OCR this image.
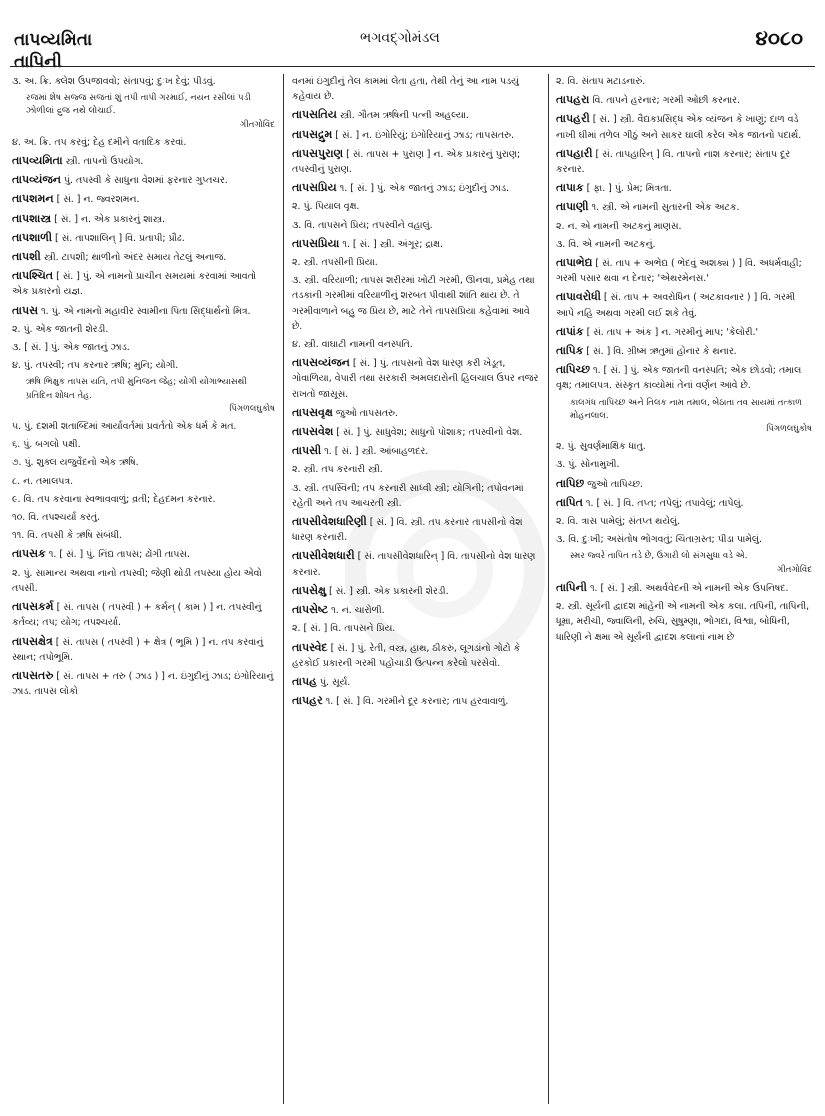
તાપવ્યમિતા
તાપિની
ભગવદ્ગોમંડલ	૪૦૮૦
૩. અ. ક્રિ. ક્લેશ ઉપજાવવો; સંતાપવું; દુઃખ દેવું; પીડવું.
રજમાં શેષ સજ્જ સજતાં શું તપી તાપી ગરમાઈ, નયન રસીલાં પડી ઝોળીલાં દ્રુજ નથે લોચાઈ.
ગીતગોવિંદ
૪. અ. ક્રિ. તપ કરવું; દેહ દમીને વતાદિક કરવાં.
તાપવ્યમિતા સ્ત્રી. તાપનો ઉપયોગ.
તાપવ્યંજન પું. તપસ્વી કે સાધુના વેશમાં ફરનાર ગુપ્તચર.
તાપશમન [ સં. ] ન. જ્વરશમન.
તાપશાસ્ત્ર [ સં. ] ન. એક પ્રકારનું શાસ્ત્ર.
તાપશાળી [ સં. તાપશાલિન્ ] વિ. પ્રતાપી; પ્રૌઢ.
તાપશી સ્ત્રી. ટાપશી; થાળીનો અંદર સમાય તેટલું અનાજ.
તાપશ્ચિત [ સં. ] પું. એ નામનો પ્રાચીન સમયમાં કરવામાં આવતો એક પ્રકારનો યજ્ઞ.
તાપસ ૧. પું. એ નામનો મહાવીર સ્વામીના પિતા સિદ્ધાર્થનો મિત્ર.
૨. પું. એક જાતની શેરડી.
૩. [ સં. ] પું. એક જાતનું ઝાડ.
૪. પું. તપસ્વી; તપ કરનાર ઋષિ; મુનિ; યોગી.
ઋષિ ભિક્ષુક તાપસ યતિ, તપી મુનિજન જેહ; યોગી યોગાભ્યાસથી પ્રતિદિન શોધત તેહ.
પિંગળલઘુકોષ
૫. પું. દશમી શતાબ્દિમાં આર્યાવર્તમાં પ્રવર્તતો એક ધર્મ કે મત.
૬. પું. બગલો પક્ષી.
૭. પું. શુક્લ યજુર્વેદનો એક ઋષિ.
૮. ન. તમાલપત્ર.
૯. વિ. તપ કરવાના સ્વભાવવાળું; વ્રતી; દેહદમન કરનાર.
૧૦. વિ. તપશ્ચર્યા કરતું.
૧૧. વિ. તપસી કે ઋષિ સંબંધી.
તાપસક ૧. [ સં. ] પું. નિંદ્ય તાપસ; ઢોંગી તાપસ.
૨. પું. સામાન્ય અથવા નાનો તપસ્વી; જેણી થોડી તપસ્યા હોય એવો તપસી.
તાપસકર્મ [ સં. તાપસ ( તપસ્વી ) + કર્મન્ ( કામ ) ] ન. તપસ્વીનું કર્તવ્ય; તપ; યોગ; તપશ્ચર્યા.
તાપસક્ષેત્ર [ સં. તાપસ ( તપસ્વી ) + ક્ષેત્ર ( ભૂમિ ) ] ન. તપ કરવાનું સ્થાન; તપોભૂમિ.
તાપસતરુ [ સં. તાપસ + તરુ ( ઝાડ ) ] ન. ઇંગુદીનું ઝાડ; ઇંગોરિયાનું ઝાડ. તાપસ લોકો
વનમાં ઇંગુદીનું તેલ કામમાં લેતા હતા, તેથી તેનું આ નામ પડયું કહેવાય છે.
તાપસતિય સ્ત્રી. ગૌતમ ઋષિની પત્ની અહલ્યા.
તાપસદ્રુમ [ સં. ] ન. ઇંગોરિયું; ઇંગોરિયાનું ઝાડ; તાપસતરુ.
તાપસપુરાણ [ સં. તાપસ + પુરાણ ] ન. એક પ્રકારનું પુરાણ; તપસ્વીનું પુરાણ.
તાપસપ્રિય ૧. [ સં. ] પું. એક જાતનું ઝાડ; ઇંગુદીનું ઝાડ.
૨. પું. પિયાલ વૃક્ષ.
૩. વિ. તાપસને પ્રિય; તપસ્વીને વહાલું.
તાપસપ્રિયા ૧. [ સં. ] સ્ત્રી. અંગૂર; દ્રાક્ષ.
૨. સ્ત્રી. તપસીની પ્રિયા.
૩. સ્ત્રી. વરિયાળી; તાપસ શરીરમાં ખોટી ગરમી, ઊનવા, પ્રમેહ તથા તડકાની ગરમીમાં વરિયાળીનું શરબત પીવાથી શાંતિ થાય છે. તે ગરમીવાળાને બહુ જ પ્રિય છે, માટે તેને તાપસપ્રિયા કહેવામાં આવે છે.
૪. સ્ત્રી. વાઘાટી નામની વનસ્પતિ.
તાપસવ્યંજન [ સં. ] પું. તાપસનો વેશ ધારણ કરી ખેડૂત, ગોવાળિયા, વેપારી તથા સરકારી અમલદારોની હિલચાલ ઉપર નજર રાખતો જાસૂસ.
તાપસવૃક્ષ જુઓ તાપસતરુ.
તાપસવેશ [ સં. ] પું. સાધુવેશ; સાધુનો પોશાક; તપસ્વીનો વેશ.
તાપસી ૧. [ સં. ] સ્ત્રી. આંબાહળદર.
૨. સ્ત્રી. તપ કરનારી સ્ત્રી.
૩. સ્ત્રી. તપસ્વિની; તપ કરનારી સાધ્વી સ્ત્રી; યોગિની; તપોવનમાં રહેતી અને તપ આચરતી સ્ત્રી.
તાપસીવેશધારિણી [ સં. ] વિ. સ્ત્રી. તપ કરનાર તાપસીનો વેશ ધારણ કરનારી.
તાપસીવેશધારી [ સં. તાપસીવેશધારિન્ ] વિ. તાપસીનો વેશ ધારણ કરનાર.
તાપસેક્ષુ [ સં. ] સ્ત્રી. એક પ્રકારની શેરડી.
તાપસેષ્ટ ૧. ન. ચારોળી.
૨. [ સં. ] વિ. તાપસને પ્રિય.
તાપસ્વેદ [ સં. ] પું. રેતી, વસ્ત્ર, હાથ, ઠીકરું, લૂગડાંનો ગોટો કે હરકોઈ પ્રકારની ગરમી પહોંચાડી ઉત્પન્ન કરેલો પરસેવો.
તાપહ પું. સૂર્ય.
તાપહર ૧. [ સં. ] વિ. ગરમીને દૂર કરનાર; તાપ હરવાવાળું.
૨. વિ. સંતાપ મટાડનારું.
તાપહરા વિ. તાપને હરનાર; ગરમી ઓછી કરનાર.
તાપહરી [ સં. ] સ્ત્રી. વૈદ્યકપ્રસિદ્ધ એક વ્યંજન કે ખાણું; દાળ વડે નાખી ઘીમાં તળેલ ગીઠું અને સાકર ઘાલી કરેલ એક જાતનો પદાર્થ.
તાપહારી [ સં. તાપહારિન્ ] વિ. તાપનો નાશ કરનાર; સંતાપ દૂર કરનાર.
તાપાક [ ફા. ] પું. પ્રેમ; મિત્રતા.
તાપાણી ૧. સ્ત્રી. એ નામની સુતારની એક અટક.
૨. ન. એ નામની અટકનું માણસ.
૩. વિ. એ નામની અટકનું.
તાપાભેદ્ય [ સં. તાપ + અભેદ્ય ( ભેદવું અશક્ય ) ] વિ. અધર્મવાહી; ગરમી પસાર થવા ન દેનાર; 'એથરમેનસ.'
તાપાવરોધી [ સં. તાપ + અવરોધિન ( અટકાવનાર ) ] વિ. ગરમી આપે નહિ અથવા ગરમી લઈ શકે તેવું.
તાપાંક [ સં. તાપ + અંક ] ન. ગરમીનું માપ; 'કેલોરી.'
તાપિક [ સં. ] વિ. ગ્રીષ્મ ઋતુમાં હોનાર કે થનાર.
તાપિચ્છ ૧. [ સં. ] પું. એક જાતની વનસ્પતિ; એક છોડવો; તમાલ વૃક્ષ; તમાલપત્ર. સંસ્કૃત કાવ્યોમાં તેનાં વર્ણન આવે છે.
કાલગંધ તાપિચ્છ અને તિલક નામ તમાલ, બેઠાતા તવ સાયમાં તત્કાળ મોહનલાલ.
પિંગળલઘુકોષ
૨. પું. સુવર્ણમાક્ષિક ધાતુ.
૩. પું. સોનામુખી.
તાપિછ જુઓ તાપિચ્છ.
તાપિત ૧. [ સં. ] વિ. તપ્ત; તપેલું; તપાવેલું; તાપેલું.
૨. વિ. ત્રાસ પામેલું; સંતપ્ત થયેલું.
૩. વિ. દુઃખી; અસંતોષ ભોગવતું; ચિંતાગ્રસ્ત; પીડા પામેલું.
સ્મર જ્વરે તાપિત તડે છે, ઉગારી લો સંગસુધા વડે એ.
ગીતગોવિંદ
તાપિની ૧. [ સં. ] સ્ત્રી. અથર્વવેદની એ નામની એક ઉપનિષદ.
૨. સ્ત્રી. સૂર્યની દ્વાદશ માંહેની એ નામની એક કલા. તપિની, તાપિની, ધૂમ્રા, મરીચી, જ્વાલિની, રુચિ, સુષુમ્ણા, ભોગદા, વિશ્વા, બોધિની, ધારિણી ને ક્ષમા એ સૂર્યની દ્વાદશ કલાનાં નામ છે
